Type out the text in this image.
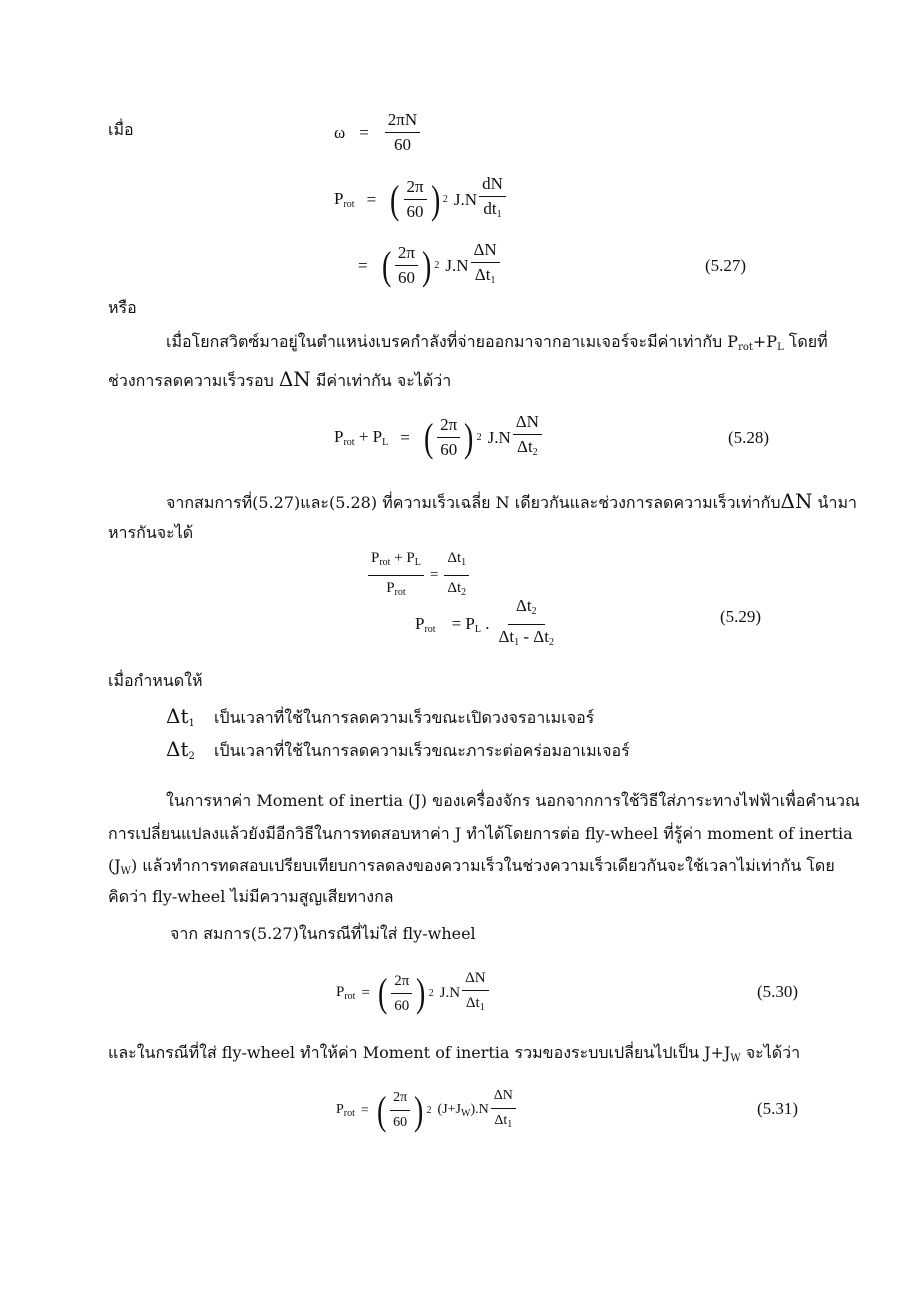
เมื่อ	$\omega = \frac{2\pi N}{60}$
$P_{rot}$ = ( $\frac{2\pi}{60}$ ) 2 $J.N \frac{dN}{dt_1}$
= ( $\frac{2\pi}{60}$ ) 2 $J.N \frac{\Delta N}{\Delta t_1}$	(5.27)
หรือ
เมื่อโยกสวิตซ์มาอยู่ในตำแหน่งเบรคกำลังที่จ่ายออกมาจากอาเมเจอร์จะมีค่าเท่ากับ $P_{rot}+P_L$ โดยที่
ช่วงการลดความเร็วรอบ ΔN มีค่าเท่ากัน จะได้ว่า
$P_{rot} + P_L$ = ( $\frac{2\pi}{60}$ ) 2 $J.N \frac{\Delta N}{\Delta t_2}$	(5.28)
จากสมการที่(5.27)และ(5.28) ที่ความเร็วเฉลี่ย N เดียวกันและช่วงการลดความเร็วเท่ากับΔN นำมา
หารกันจะได้
$\frac{P_{rot} + P_L}{P_{rot}} = \frac{\Delta t_1}{\Delta t_2}$
$P_{rot} = P_L$ . $\frac{\Delta t_2}{\Delta t_1 - \Delta t_2}$	(5.29)
เมื่อกำหนดให้
$\Delta t_1$ เป็นเวลาที่ใช้ในการลดความเร็วขณะเปิดวงจรอาเมเจอร์
$\Delta t_2$ เป็นเวลาที่ใช้ในการลดความเร็วขณะภาระต่อคร่อมอาเมเจอร์
ในการหาค่า Moment of inertia (J) ของเครื่องจักร นอกจากการใช้วิธีใส่ภาระทางไฟฟ้าเพื่อคำนวณ
การเปลี่ยนแปลงแล้วยังมีอีกวิธีในการทดสอบหาค่า J ทำได้โดยการต่อ fly-wheel ที่รู้ค่า moment of inertia
$(J_W)$ แล้วทำการทดสอบเปรียบเทียบการลดลงของความเร็วในช่วงความเร็วเดียวกันจะใช้เวลาไม่เท่ากัน โดย
คิดว่า fly-wheel ไม่มีความสูญเสียทางกล
จาก สมการ(5.27)ในกรณีที่ไม่ใส่ fly-wheel
$P_{rot}$ = ( $\frac{2\pi}{60}$ ) 2 $J.N \frac{\Delta N}{\Delta t_1}$	(5.30)
และในกรณีที่ใส่ fly-wheel ทำให้ค่า Moment of inertia รวมของระบบเปลี่ยนไปเป็น $J+J_W$ จะได้ว่า
$P_{rot}$ = ( $\frac{2\pi}{60}$ ) 2 $(J+J_W).N \frac{\Delta N}{\Delta t_1}$	(5.31)
